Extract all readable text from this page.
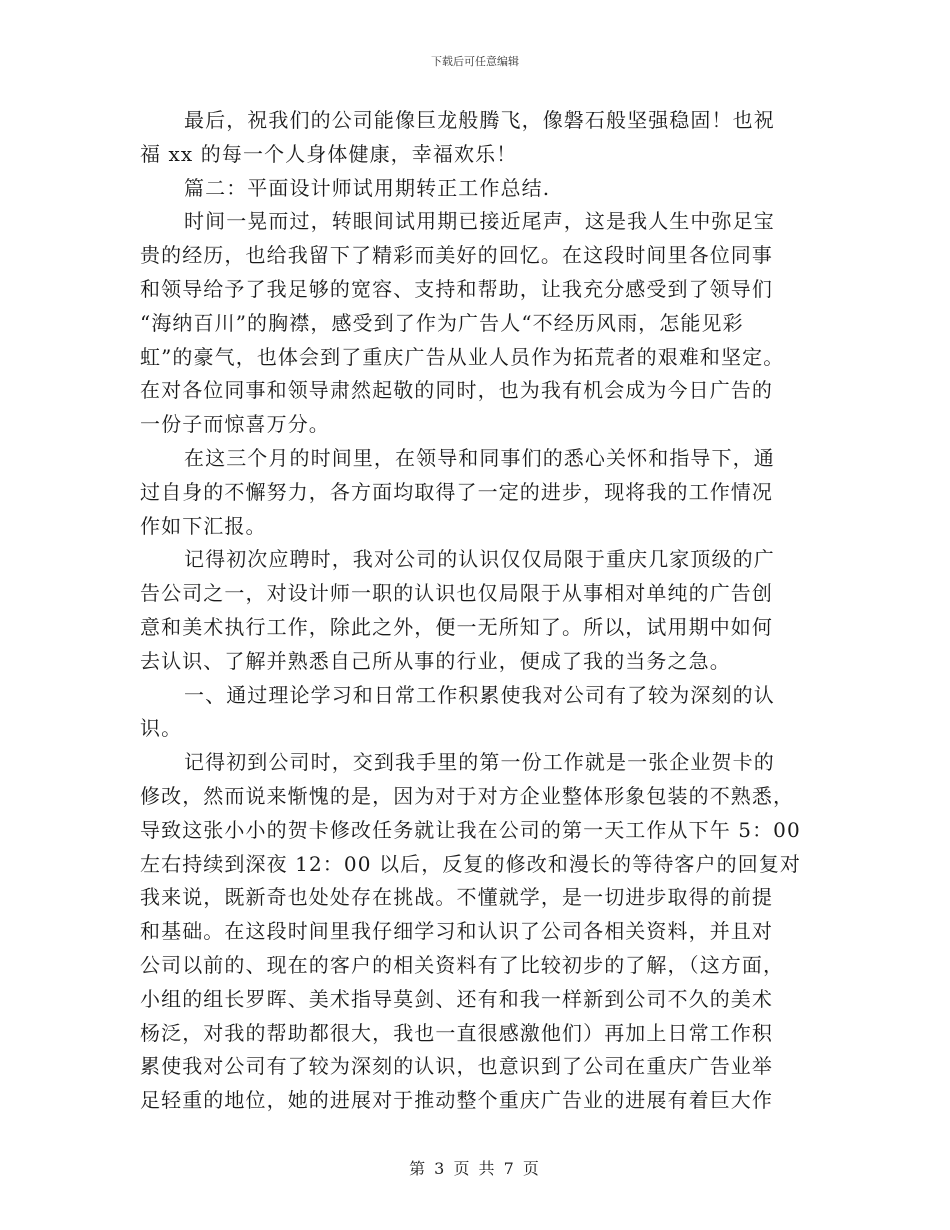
下载后可任意编辑
最后，祝我们的公司能像巨龙般腾飞，像磐石般坚强稳固！也祝
福 xx 的每一个人身体健康，幸福欢乐！
篇二：平面设计师试用期转正工作总结.
时间一晃而过，转眼间试用期已接近尾声，这是我人生中弥足宝
贵的经历，也给我留下了精彩而美好的回忆。在这段时间里各位同事
和领导给予了我足够的宽容、支持和帮助，让我充分感受到了领导们
“海纳百川”的胸襟，感受到了作为广告人“不经历风雨，怎能见彩
虹”的豪气，也体会到了重庆广告从业人员作为拓荒者的艰难和坚定。
在对各位同事和领导肃然起敬的同时，也为我有机会成为今日广告的
一份子而惊喜万分。
在这三个月的时间里，在领导和同事们的悉心关怀和指导下，通
过自身的不懈努力，各方面均取得了一定的进步，现将我的工作情况
作如下汇报。
记得初次应聘时，我对公司的认识仅仅局限于重庆几家顶级的广
告公司之一，对设计师一职的认识也仅局限于从事相对单纯的广告创
意和美术执行工作，除此之外，便一无所知了。所以，试用期中如何
去认识、了解并熟悉自己所从事的行业，便成了我的当务之急。
一、通过理论学习和日常工作积累使我对公司有了较为深刻的认
识。
记得初到公司时，交到我手里的第一份工作就是一张企业贺卡的
修改，然而说来惭愧的是，因为对于对方企业整体形象包装的不熟悉，
导致这张小小的贺卡修改任务就让我在公司的第一天工作从下午 5：00
左右持续到深夜 12：00 以后，反复的修改和漫长的等待客户的回复对
我来说，既新奇也处处存在挑战。不懂就学，是一切进步取得的前提
和基础。在这段时间里我仔细学习和认识了公司各相关资料，并且对
公司以前的、现在的客户的相关资料有了比较初步的了解，（这方面，
小组的组长罗晖、美术指导莫剑、还有和我一样新到公司不久的美术
杨泛，对我的帮助都很大，我也一直很感激他们）再加上日常工作积
累使我对公司有了较为深刻的认识，也意识到了公司在重庆广告业举
足轻重的地位，她的进展对于推动整个重庆广告业的进展有着巨大作
第 3 页 共 7 页
